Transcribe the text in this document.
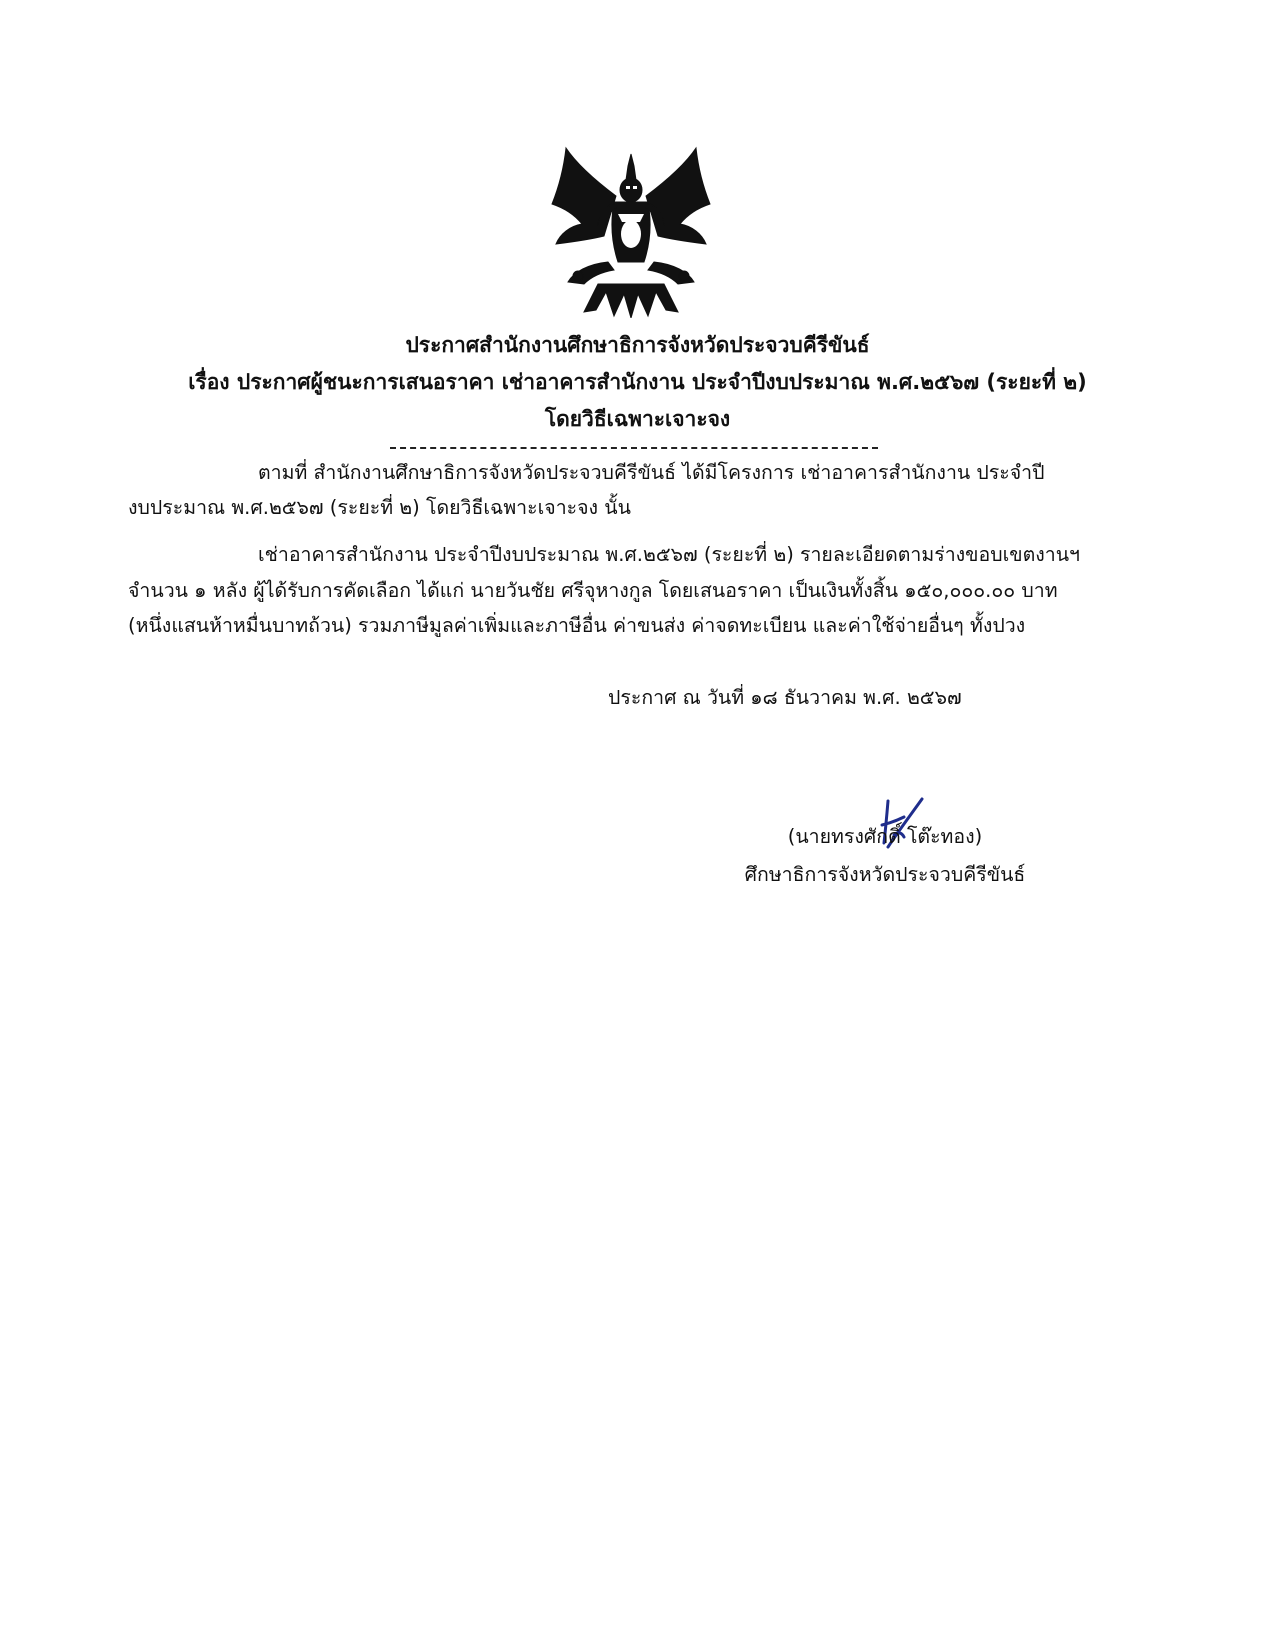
ประกาศสำนักงานศึกษาธิการจังหวัดประจวบคีรีขันธ์
เรื่อง ประกาศผู้ชนะการเสนอราคา เช่าอาคารสำนักงาน ประจำปีงบประมาณ พ.ศ.๒๕๖๗ (ระยะที่ ๒)
โดยวิธีเฉพาะเจาะจง
ตามที่ สำนักงานศึกษาธิการจังหวัดประจวบคีรีขันธ์ ได้มีโครงการ เช่าอาคารสำนักงาน ประจำปี
งบประมาณ พ.ศ.๒๕๖๗ (ระยะที่ ๒) โดยวิธีเฉพาะเจาะจง นั้น
เช่าอาคารสำนักงาน ประจำปีงบประมาณ พ.ศ.๒๕๖๗ (ระยะที่ ๒) รายละเอียดตามร่างขอบเขตงานฯ
จำนวน ๑ หลัง ผู้ได้รับการคัดเลือก ได้แก่ นายวันชัย ศรีจุหางกูล โดยเสนอราคา เป็นเงินทั้งสิ้น ๑๕๐,๐๐๐.๐๐ บาท
(หนึ่งแสนห้าหมื่นบาทถ้วน) รวมภาษีมูลค่าเพิ่มและภาษีอื่น ค่าขนส่ง ค่าจดทะเบียน และค่าใช้จ่ายอื่นๆ ทั้งปวง
ประกาศ ณ วันที่ ๑๘ ธันวาคม พ.ศ. ๒๕๖๗
(นายทรงศักดิ์ โต๊ะทอง)
ศึกษาธิการจังหวัดประจวบคีรีขันธ์
